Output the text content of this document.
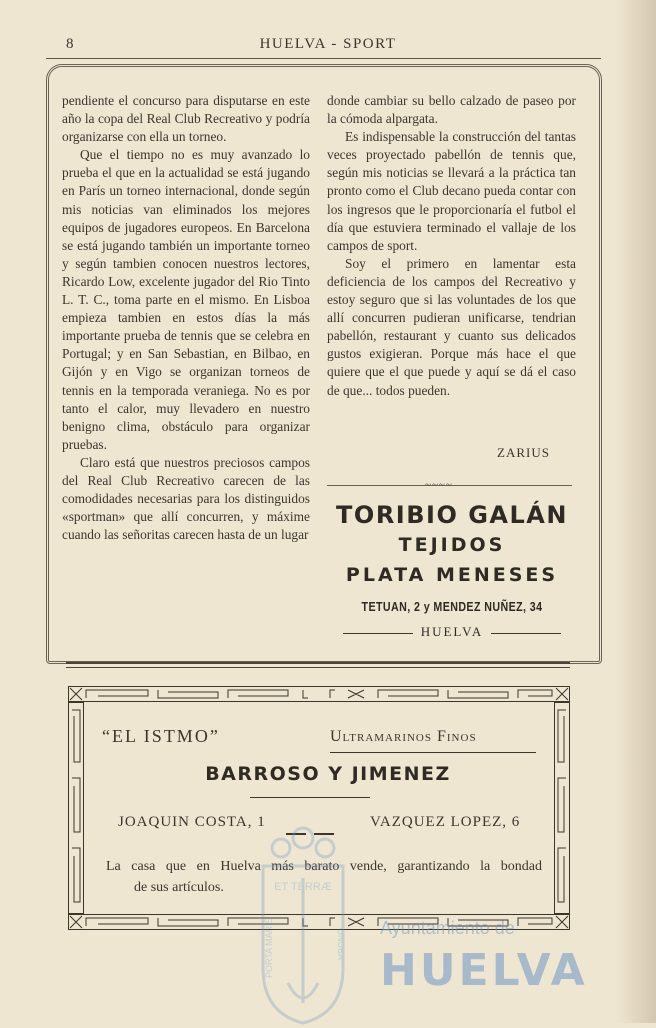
8	HUELVA - SPORT

pendiente el concurso para disputarse en este año la copa del Real Club Recreativo y podría organizarse con ella un torneo.

Que el tiempo no es muy avanzado lo prueba el que en la actualidad se está jugando en París un torneo internacional, donde según mis noticias van eliminados los mejores equipos de jugadores europeos. En Barcelona se está jugando también un importante torneo y según tambien conocen nuestros lectores, Ricardo Low, excelente jugador del Rio Tinto L. T. C., toma parte en el mismo. En Lisboa empieza tambien en estos días la más importante prueba de tennis que se celebra en Portugal; y en San Sebastian, en Bilbao, en Gijón y en Vigo se organizan torneos de tennis en la temporada veraniega. No es por tanto el calor, muy llevadero en nuestro benigno clima, obstáculo para organizar pruebas.

Claro está que nuestros preciosos campos del Real Club Recreativo carecen de las comodidades necesarias para los distinguidos «sportman» que allí concurren, y máxime cuando las señoritas carecen hasta de un lugar

donde cambiar su bello calzado de paseo por la cómoda alpargata.

Es indispensable la construcción del tantas veces proyectado pabellón de tennis que, según mis noticias se llevará a la práctica tan pronto como el Club decano pueda contar con los ingresos que le proporcionaría el futbol el día que estuviera terminado el vallaje de los campos de sport.

Soy el primero en lamentar esta deficiencia de los campos del Recreativo y estoy seguro que si las voluntades de los que allí concurren pudieran unificarse, tendrian pabellón, restaurant y cuanto sus delicados gustos exigieran. Porque más hace el que quiere que el que puede y aquí se dá el caso de que... todos pueden.

ZARIUS
~~~~
TORIBIO GALÁN
TEJIDOS
PLATA MENESES
TETUAN, 2 y MENDEZ NUÑEZ, 34
HUELVA
“EL ISTMO”	Ultramarinos Finos
BARROSO Y JIMENEZ
JOAQUIN COSTA, 1	VAZQUEZ LOPEZ, 6
La casa que en Huelva más barato vende, garantizando la bondad
de sus artículos.	ET TERRÆ
PORTA MARIS	ONUBA Ayuntamiento de
HUELVA
